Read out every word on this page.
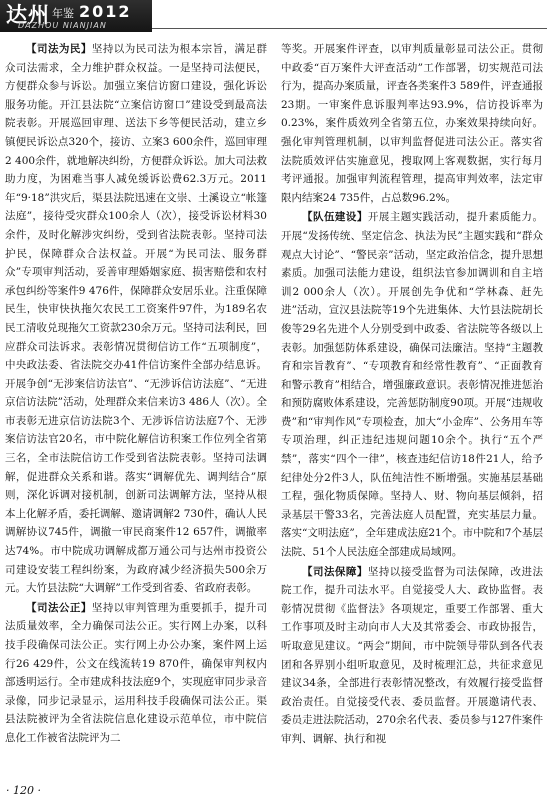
达州 年鉴 2012
DAZHOU NIANJIAN

【司法为民】坚持以为民司法为根本宗旨，满足群众司法需求，全力维护群众权益。一是坚持司法便民，方便群众参与诉讼。加强立案信访窗口建设，强化诉讼服务功能。开江县法院“立案信访窗口”建设受到最高法院表彰。开展巡回审理、送法下乡等便民活动，建立乡镇便民诉讼点320个，接访、立案3 600余件，巡回审理2 400余件，就地解决纠纷，方便群众诉讼。加大司法救助力度，为困难当事人减免缓诉讼费62.3万元。2011年“9·18”洪灾后，渠县法院迅速在文崇、土溪设立“帐篷法庭”，接待受灾群众100余人（次），接受诉讼材料30余件，及时化解涉灾纠纷，受到省法院表彰。坚持司法护民，保障群众合法权益。开展“为民司法、服务群众”专项审判活动，妥善审理婚姻家庭、损害赔偿和农村承包纠纷等案件9 476件，保障群众安居乐业。注重保障民生，快审快执拖欠农民工工资案件97件，为189名农民工清收兑现拖欠工资款230余万元。坚持司法利民，回应群众司法诉求。表彰情况贯彻信访工作“五项制度”，中央政法委、省法院交办41件信访案件全部办结息诉。开展争创“无涉案信访法官”、“无涉诉信访法庭”、“无进京信访法院”活动，处理群众来信来访3 486人（次）。全市表彰无进京信访法院3个、无涉诉信访法庭7个、无涉案信访法官20名，市中院化解信访积案工作位列全省第三名，全市法院信访工作受到省法院表彰。坚持司法调解，促进群众关系和谐。落实“调解优先、调判结合”原则，深化诉调对接机制，创新司法调解方法，坚持从根本上化解矛盾，委托调解、邀请调解2 730件，确认人民调解协议745件，调撤一审民商案件12 657件，调撤率达74%。市中院成功调解成都万通公司与达州市投资公司建设安装工程纠纷案，为政府减少经济损失500余万元。大竹县法院“大调解”工作受到省委、省政府表彰。

【司法公正】坚持以审判管理为重要抓手，提升司法质量效率，全力确保司法公正。实行网上办案，以科技手段确保司法公正。实行网上办公办案，案件网上运行26 429件，公文在线流转19 870件，确保审判权内部透明运行。全市建成科技法庭9个，实现庭审同步录音录像，同步记录显示，运用科技手段确保司法公正。渠县法院被评为全省法院信息化建设示范单位，市中院信息化工作被省法院评为二

等奖。开展案件评查，以审判质量彰显司法公正。贯彻中政委“百万案件大评查活动”工作部署，切实规范司法行为，提高办案质量，评查各类案件3 589件，评查通报23期。一审案件息诉服判率达93.9%，信访投诉率为0.23%，案件质效列全省第五位，办案效果持续向好。强化审判管理机制，以审判监督促进司法公正。落实省法院质效评估实施意见，搜取网上客观数据，实行每月考评通报。加强审判流程管理，提高审判效率，法定审限内结案24 735件，占总数96.2%。

【队伍建设】开展主题实践活动，提升素质能力。开展“发扬传统、坚定信念、执法为民”主题实践和“群众观点大讨论”、“警民亲”活动，坚定政治信念，提升思想素质。加强司法能力建设，组织法官参加调训和自主培训2 000余人（次）。开展创先争优和“学林森、赶先进”活动，宣汉县法院等19个先进集体、大竹县法院胡长俊等29名先进个人分别受到中政委、省法院等各级以上表彰。加强惩防体系建设，确保司法廉洁。坚持“主题教育和宗旨教育”、“专项教育和经常性教育”、“正面教育和警示教育”相结合，增强廉政意识。表彰情况推进惩治和预防腐败体系建设，完善惩防制度90项。开展“违规收费”和“审判作风”专项检查，加大“小金库”、公务用车等专项治理，纠正违纪违规问题10余个。执行“五个严禁”，落实“四个一律”，核查违纪信访18件21人，给予纪律处分2件3人，队伍纯洁性不断增强。实施基层基础工程，强化物质保障。坚持人、财、物向基层倾斜，招录基层干警33名，完善法庭人员配置，充实基层力量。落实“文明法庭”，全年建成法庭21个。市中院和7个基层法院、51个人民法庭全部建成局域网。

【司法保障】坚持以接受监督为司法保障，改进法院工作，提升司法水平。自觉接受人大、政协监督。表彰情况贯彻《监督法》各项规定，重要工作部署、重大工作事项及时主动向市人大及其常委会、市政协报告，听取意见建议。“两会”期间，市中院领导带队到各代表团和各界别小组听取意见，及时梳理汇总，共征求意见建议34条，全部进行表彰情况整改，有效履行接受监督政治责任。自觉接受代表、委员监督。开展邀请代表、委员走进法院活动，270余名代表、委员参与127件案件审判、调解、执行和视

· 120 ·
